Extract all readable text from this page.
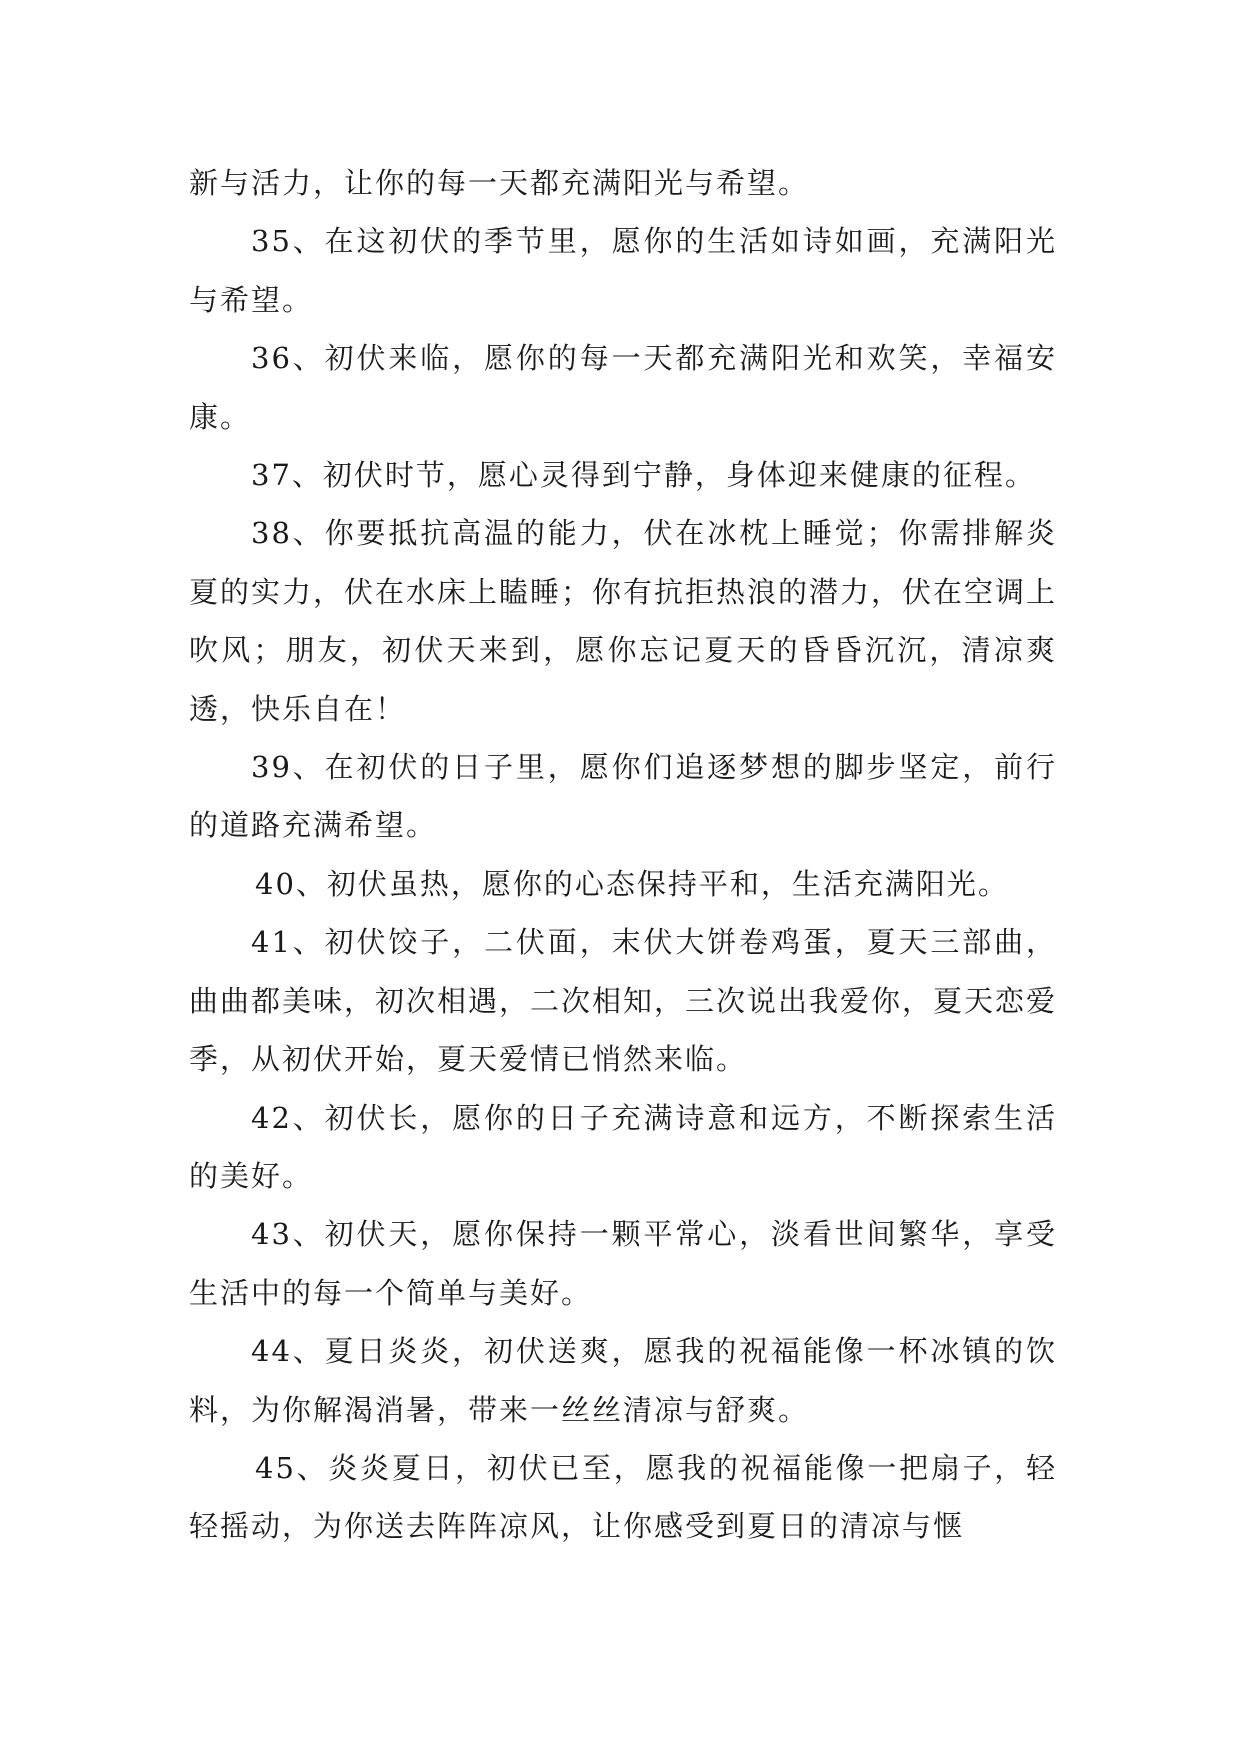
新与活力，让你的每一天都充满阳光与希望。

35、在这初伏的季节里，愿你的生活如诗如画，充满阳光与希望。

36、初伏来临，愿你的每一天都充满阳光和欢笑，幸福安康。

37、初伏时节，愿心灵得到宁静，身体迎来健康的征程。

38、你要抵抗高温的能力，伏在冰枕上睡觉；你需排解炎夏的实力，伏在水床上瞌睡；你有抗拒热浪的潜力，伏在空调上吹风；朋友，初伏天来到，愿你忘记夏天的昏昏沉沉，清凉爽透，快乐自在！

39、在初伏的日子里，愿你们追逐梦想的脚步坚定，前行的道路充满希望。

40、初伏虽热，愿你的心态保持平和，生活充满阳光。

41、初伏饺子，二伏面，末伏大饼卷鸡蛋，夏天三部曲，曲曲都美味，初次相遇，二次相知，三次说出我爱你，夏天恋爱季，从初伏开始，夏天爱情已悄然来临。

42、初伏长，愿你的日子充满诗意和远方，不断探索生活的美好。

43、初伏天，愿你保持一颗平常心，淡看世间繁华，享受生活中的每一个简单与美好。

44、夏日炎炎，初伏送爽，愿我的祝福能像一杯冰镇的饮料，为你解渴消暑，带来一丝丝清凉与舒爽。

45、炎炎夏日，初伏已至，愿我的祝福能像一把扇子，轻轻摇动，为你送去阵阵凉风，让你感受到夏日的清凉与惬
